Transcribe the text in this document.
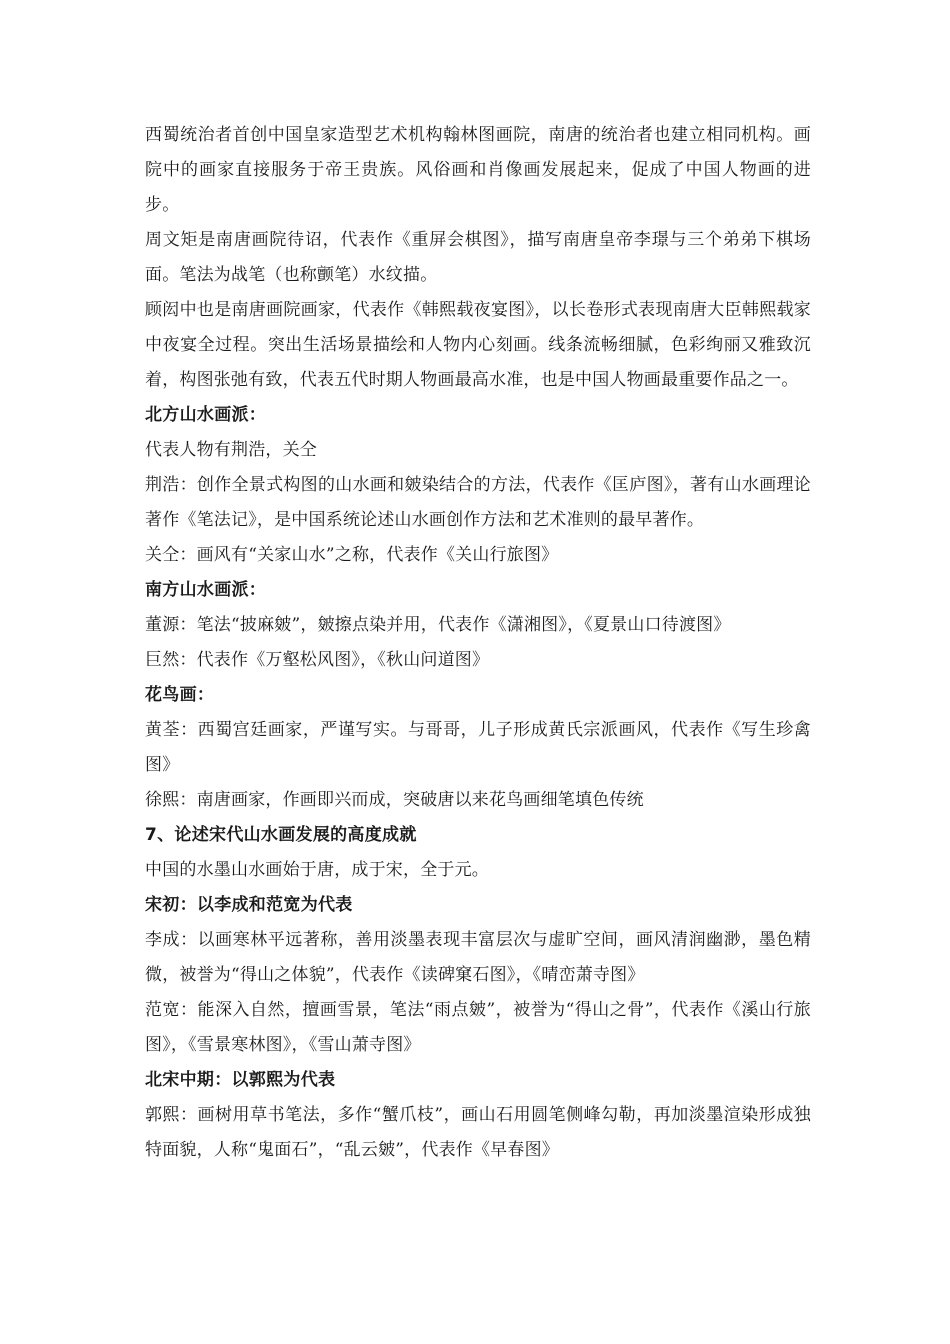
西蜀统治者首创中国皇家造型艺术机构翰林图画院，南唐的统治者也建立相同机构。画院中的画家直接服务于帝王贵族。风俗画和肖像画发展起来，促成了中国人物画的进步。

周文矩是南唐画院待诏，代表作《重屏会棋图》，描写南唐皇帝李璟与三个弟弟下棋场面。笔法为战笔（也称颤笔）水纹描。

顾闳中也是南唐画院画家，代表作《韩熙载夜宴图》，以长卷形式表现南唐大臣韩熙载家中夜宴全过程。突出生活场景描绘和人物内心刻画。线条流畅细腻，色彩绚丽又雅致沉着，构图张弛有致，代表五代时期人物画最高水准，也是中国人物画最重要作品之一。

北方山水画派：

代表人物有荆浩，关仝

荆浩：创作全景式构图的山水画和皴染结合的方法，代表作《匡庐图》，著有山水画理论著作《笔法记》，是中国系统论述山水画创作方法和艺术准则的最早著作。

关仝：画风有“关家山水”之称，代表作《关山行旅图》

南方山水画派：

董源：笔法“披麻皴”，皴擦点染并用，代表作《潇湘图》，《夏景山口待渡图》

巨然：代表作《万壑松风图》，《秋山问道图》

花鸟画：

黄荃：西蜀宫廷画家，严谨写实。与哥哥，儿子形成黄氏宗派画风，代表作《写生珍禽图》

徐熙：南唐画家，作画即兴而成，突破唐以来花鸟画细笔填色传统

7、论述宋代山水画发展的高度成就

中国的水墨山水画始于唐，成于宋，全于元。

宋初：以李成和范宽为代表

李成：以画寒林平远著称，善用淡墨表现丰富层次与虚旷空间，画风清润幽渺，墨色精微，被誉为“得山之体貌”，代表作《读碑窠石图》，《晴峦萧寺图》

范宽：能深入自然，擅画雪景，笔法“雨点皴”，被誉为“得山之骨”，代表作《溪山行旅图》，《雪景寒林图》，《雪山萧寺图》

北宋中期：以郭熙为代表

郭熙：画树用草书笔法，多作“蟹爪枝”，画山石用圆笔侧峰勾勒，再加淡墨渲染形成独特面貌，人称“鬼面石”，“乱云皴”，代表作《早春图》
